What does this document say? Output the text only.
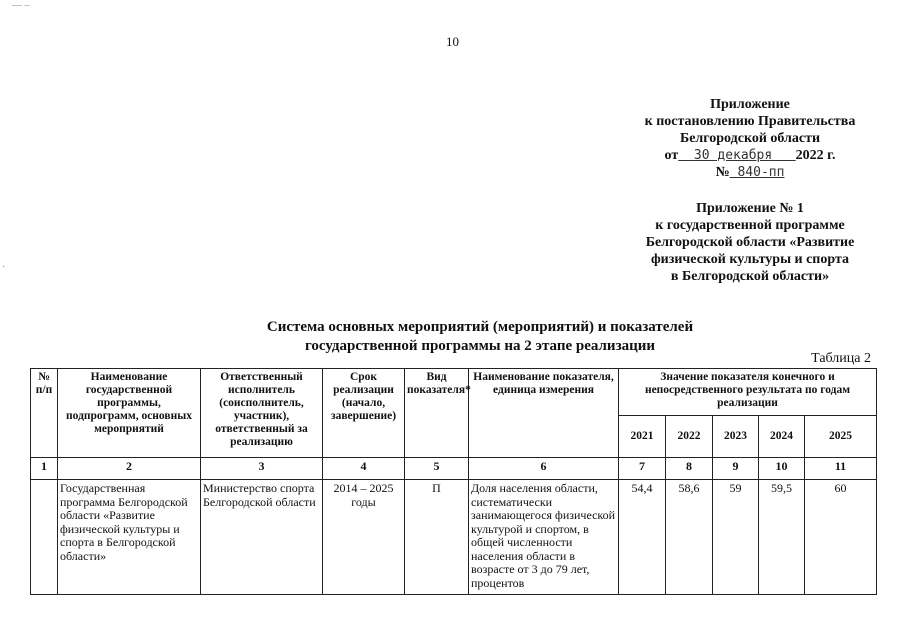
10
Приложение
к постановлению Правительства
Белгородской области
от 30 декабря 2022 г.
№ 840-пп
Приложение № 1
к государственной программе
Белгородской области «Развитие
физической культуры и спорта
в Белгородской области»
Система основных мероприятий (мероприятий) и показателей
государственной программы на 2 этапе реализации
Таблица 2
№ п/п	Наименование государственной программы, подпрограмм, основных мероприятий	Ответственный исполнитель (соисполнитель, участник), ответственный за реализацию	Срок реализации (начало, завершение)	Вид показателя*	Наименование показателя, единица измерения	Значение показателя конечного и непосредственного результата по годам реализации				
						2021	2022	2023	2024	2025
1	2	3	4	5	6	7	8	9	10	11
	Государственная программа Белгородской области «Развитие физической культуры и спорта в Белгородской области»	Министерство спорта Белгородской области	2014 – 2025 годы	П	Доля населения области, систематически занимающегося физической культурой и спортом, в общей численности населения области в возрасте от 3 до 79 лет, процентов	54,4	58,6	59	59,5	60
— –
·
